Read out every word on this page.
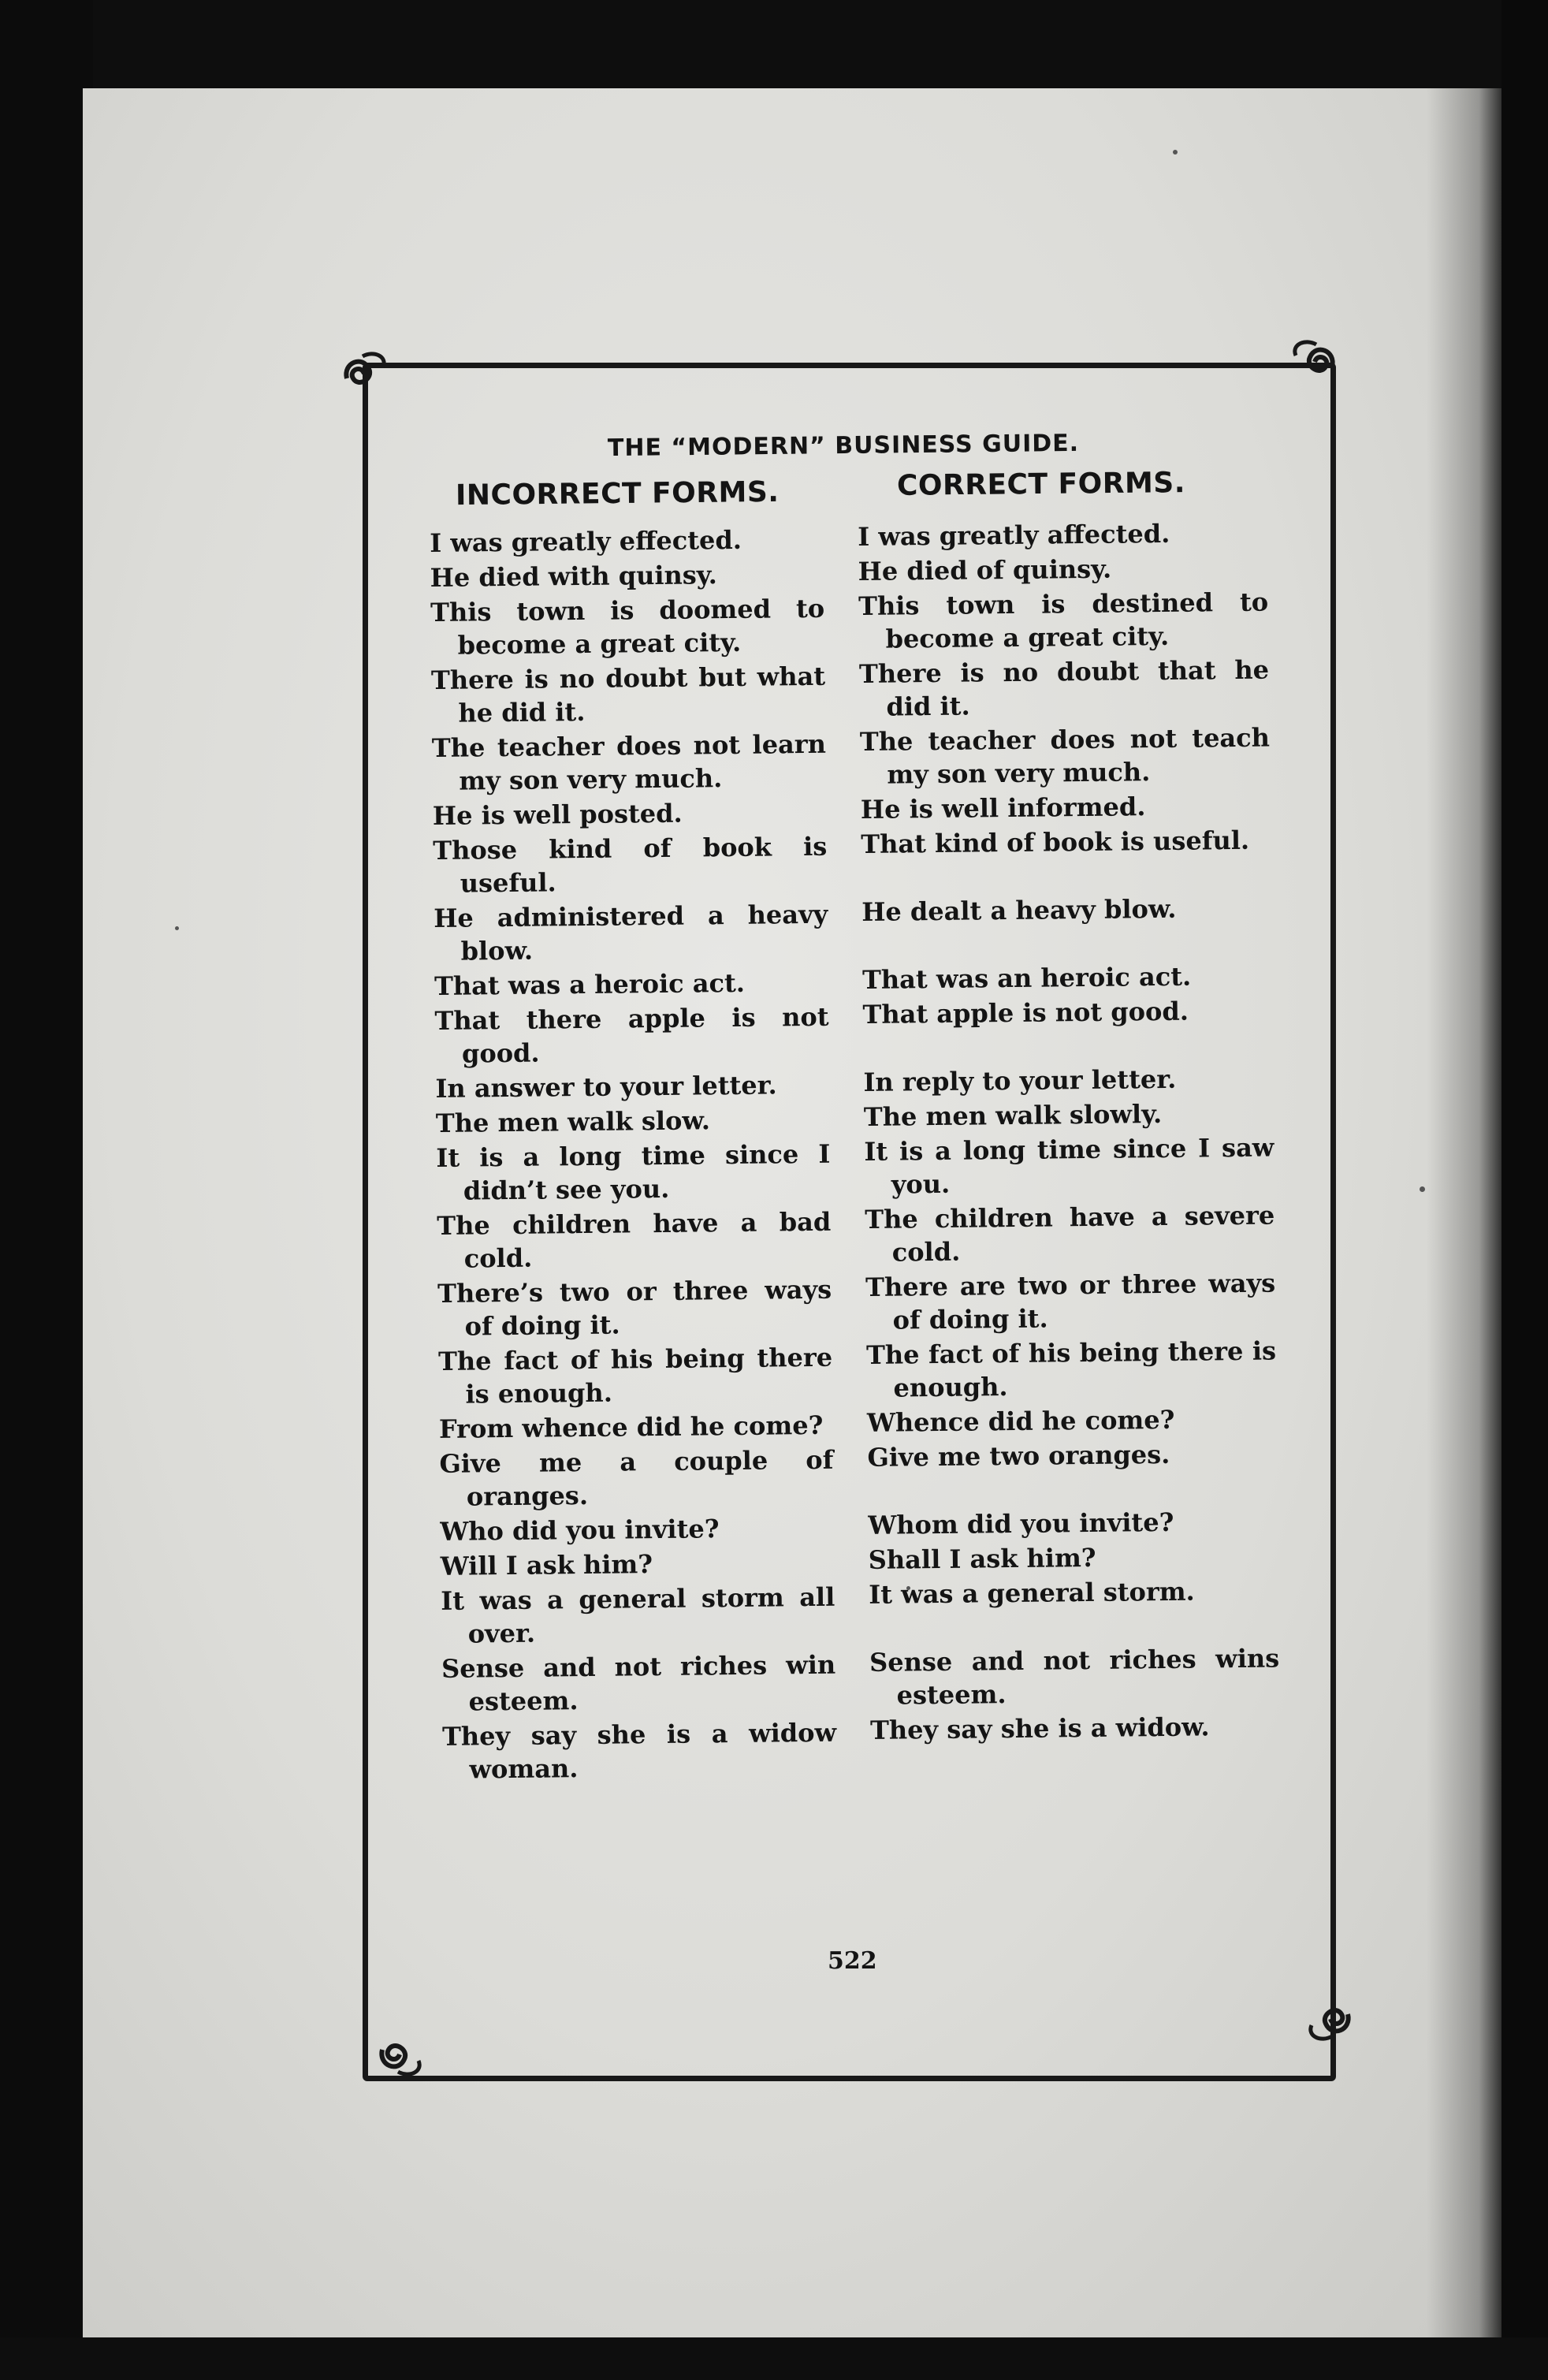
THE “MODERN” BUSINESS GUIDE.
INCORRECT FORMS.	CORRECT FORMS.
I was greatly effected.
He died with quinsy.
This town is doomed to become a great city.
There is no doubt but what he did it.
The teacher does not learn my son very much.
He is well posted.
Those kind of book is useful.
He administered a heavy blow.
That was a heroic act.
That there apple is not good.
In answer to your letter.
The men walk slow.
It is a long time since I didn’t see you.
The children have a bad cold.
There’s two or three ways of doing it.
The fact of his being there is enough.
From whence did he come?
Give me a couple of oranges.
Who did you invite?
Will I ask him?
It was a general storm all over.
Sense and not riches win esteem.
They say she is a widow woman.
I was greatly affected.
He died of quinsy.
This town is destined to become a great city.
There is no doubt that he did it.
The teacher does not teach my son very much.
He is well informed.
That kind of book is useful.
He dealt a heavy blow.
That was an heroic act.
That apple is not good.
In reply to your letter.
The men walk slowly.
It is a long time since I saw you.
The children have a severe cold.
There are two or three ways of doing it.
The fact of his being there is enough.
Whence did he come?
Give me two oranges.
Whom did you invite?
Shall I ask him?
It was a general storm.
Sense and not riches wins esteem.
They say she is a widow.
522
